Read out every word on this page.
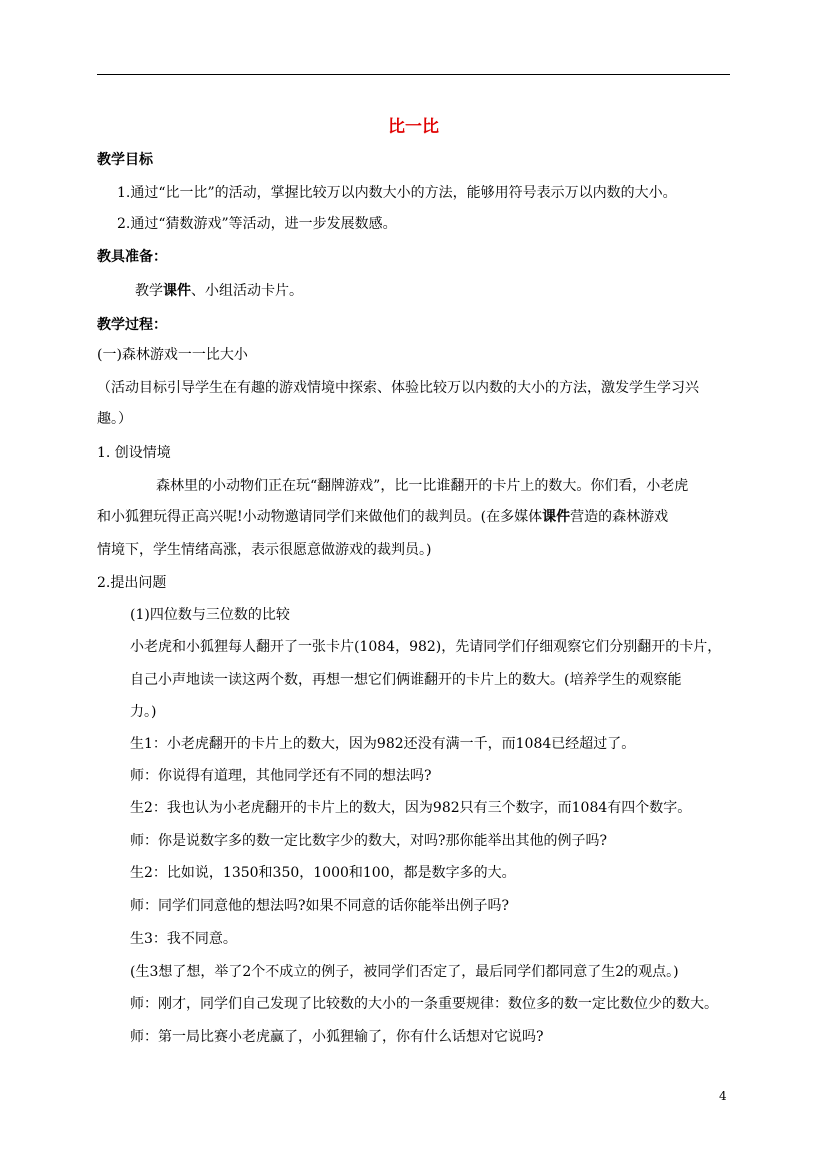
比一比
教学目标
1.通过“比一比”的活动，掌握比较万以内数大小的方法，能够用符号表示万以内数的大小。
2.通过“猜数游戏”等活动，进一步发展数感。
教具准备：
教学课件、小组活动卡片。
教学过程：
(一)森林游戏一一比大小
（活动目标引导学生在有趣的游戏情境中探索、体验比较万以内数的大小的方法，激发学生学习兴
趣。）
1. 创设情境
森林里的小动物们正在玩“翻牌游戏”，比一比谁翻开的卡片上的数大。你们看，小老虎
和小狐狸玩得正高兴呢!小动物邀请同学们来做他们的裁判员。(在多媒体课件营造的森林游戏
情境下，学生情绪高涨，表示很愿意做游戏的裁判员。)
2.提出问题
(1)四位数与三位数的比较
小老虎和小狐狸每人翻开了一张卡片(1084，982)，先请同学们仔细观察它们分别翻开的卡片，
自己小声地读一读这两个数，再想一想它们俩谁翻开的卡片上的数大。(培养学生的观察能
力。)
生1：小老虎翻开的卡片上的数大，因为982还没有满一千，而1084已经超过了。
师：你说得有道理，其他同学还有不同的想法吗?
生2：我也认为小老虎翻开的卡片上的数大，因为982只有三个数字，而1084有四个数字。
师：你是说数字多的数一定比数字少的数大，对吗?那你能举出其他的例子吗?
生2：比如说，1350和350，1000和100，都是数字多的大。
师：同学们同意他的想法吗?如果不同意的话你能举出例子吗?
生3：我不同意。
(生3想了想，举了2个不成立的例子，被同学们否定了，最后同学们都同意了生2的观点。)
师：刚才，同学们自己发现了比较数的大小的一条重要规律：数位多的数一定比数位少的数大。
师：第一局比赛小老虎赢了，小狐狸输了，你有什么话想对它说吗?
4
